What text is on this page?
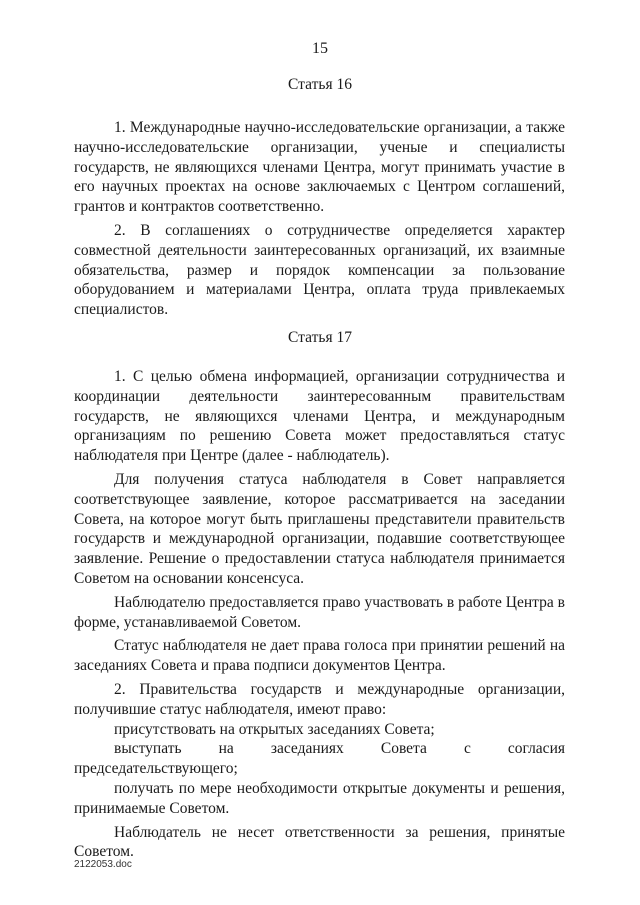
15
Статья 16

1. Международные научно-исследовательские организации, а также научно-исследовательские организации, ученые и специалисты государств, не являющихся членами Центра, могут принимать участие в его научных проектах на основе заключаемых с Центром соглашений, грантов и контрактов соответственно.

2. В соглашениях о сотрудничестве определяется характер совместной деятельности заинтересованных организаций, их взаимные обязательства, размер и порядок компенсации за пользование оборудованием и материалами Центра, оплата труда привлекаемых специалистов.

Статья 17

1. С целью обмена информацией, организации сотрудничества и координации деятельности заинтересованным правительствам государств, не являющихся членами Центра, и международным организациям по решению Совета может предоставляться статус наблюдателя при Центре (далее - наблюдатель).

Для получения статуса наблюдателя в Совет направляется соответствующее заявление, которое рассматривается на заседании Совета, на которое могут быть приглашены представители правительств государств и международной организации, подавшие соответствующее заявление. Решение о предоставлении статуса наблюдателя принимается Советом на основании консенсуса.

Наблюдателю предоставляется право участвовать в работе Центра в форме, устанавливаемой Советом.

Статус наблюдателя не дает права голоса при принятии решений на заседаниях Совета и права подписи документов Центра.

2. Правительства государств и международные организации, получившие статус наблюдателя, имеют право:

присутствовать на открытых заседаниях Совета;

выступать на заседаниях Совета с согласия председательствующего;

получать по мере необходимости открытые документы и решения, принимаемые Советом.

Наблюдатель не несет ответственности за решения, принятые Советом.

2122053.doc
